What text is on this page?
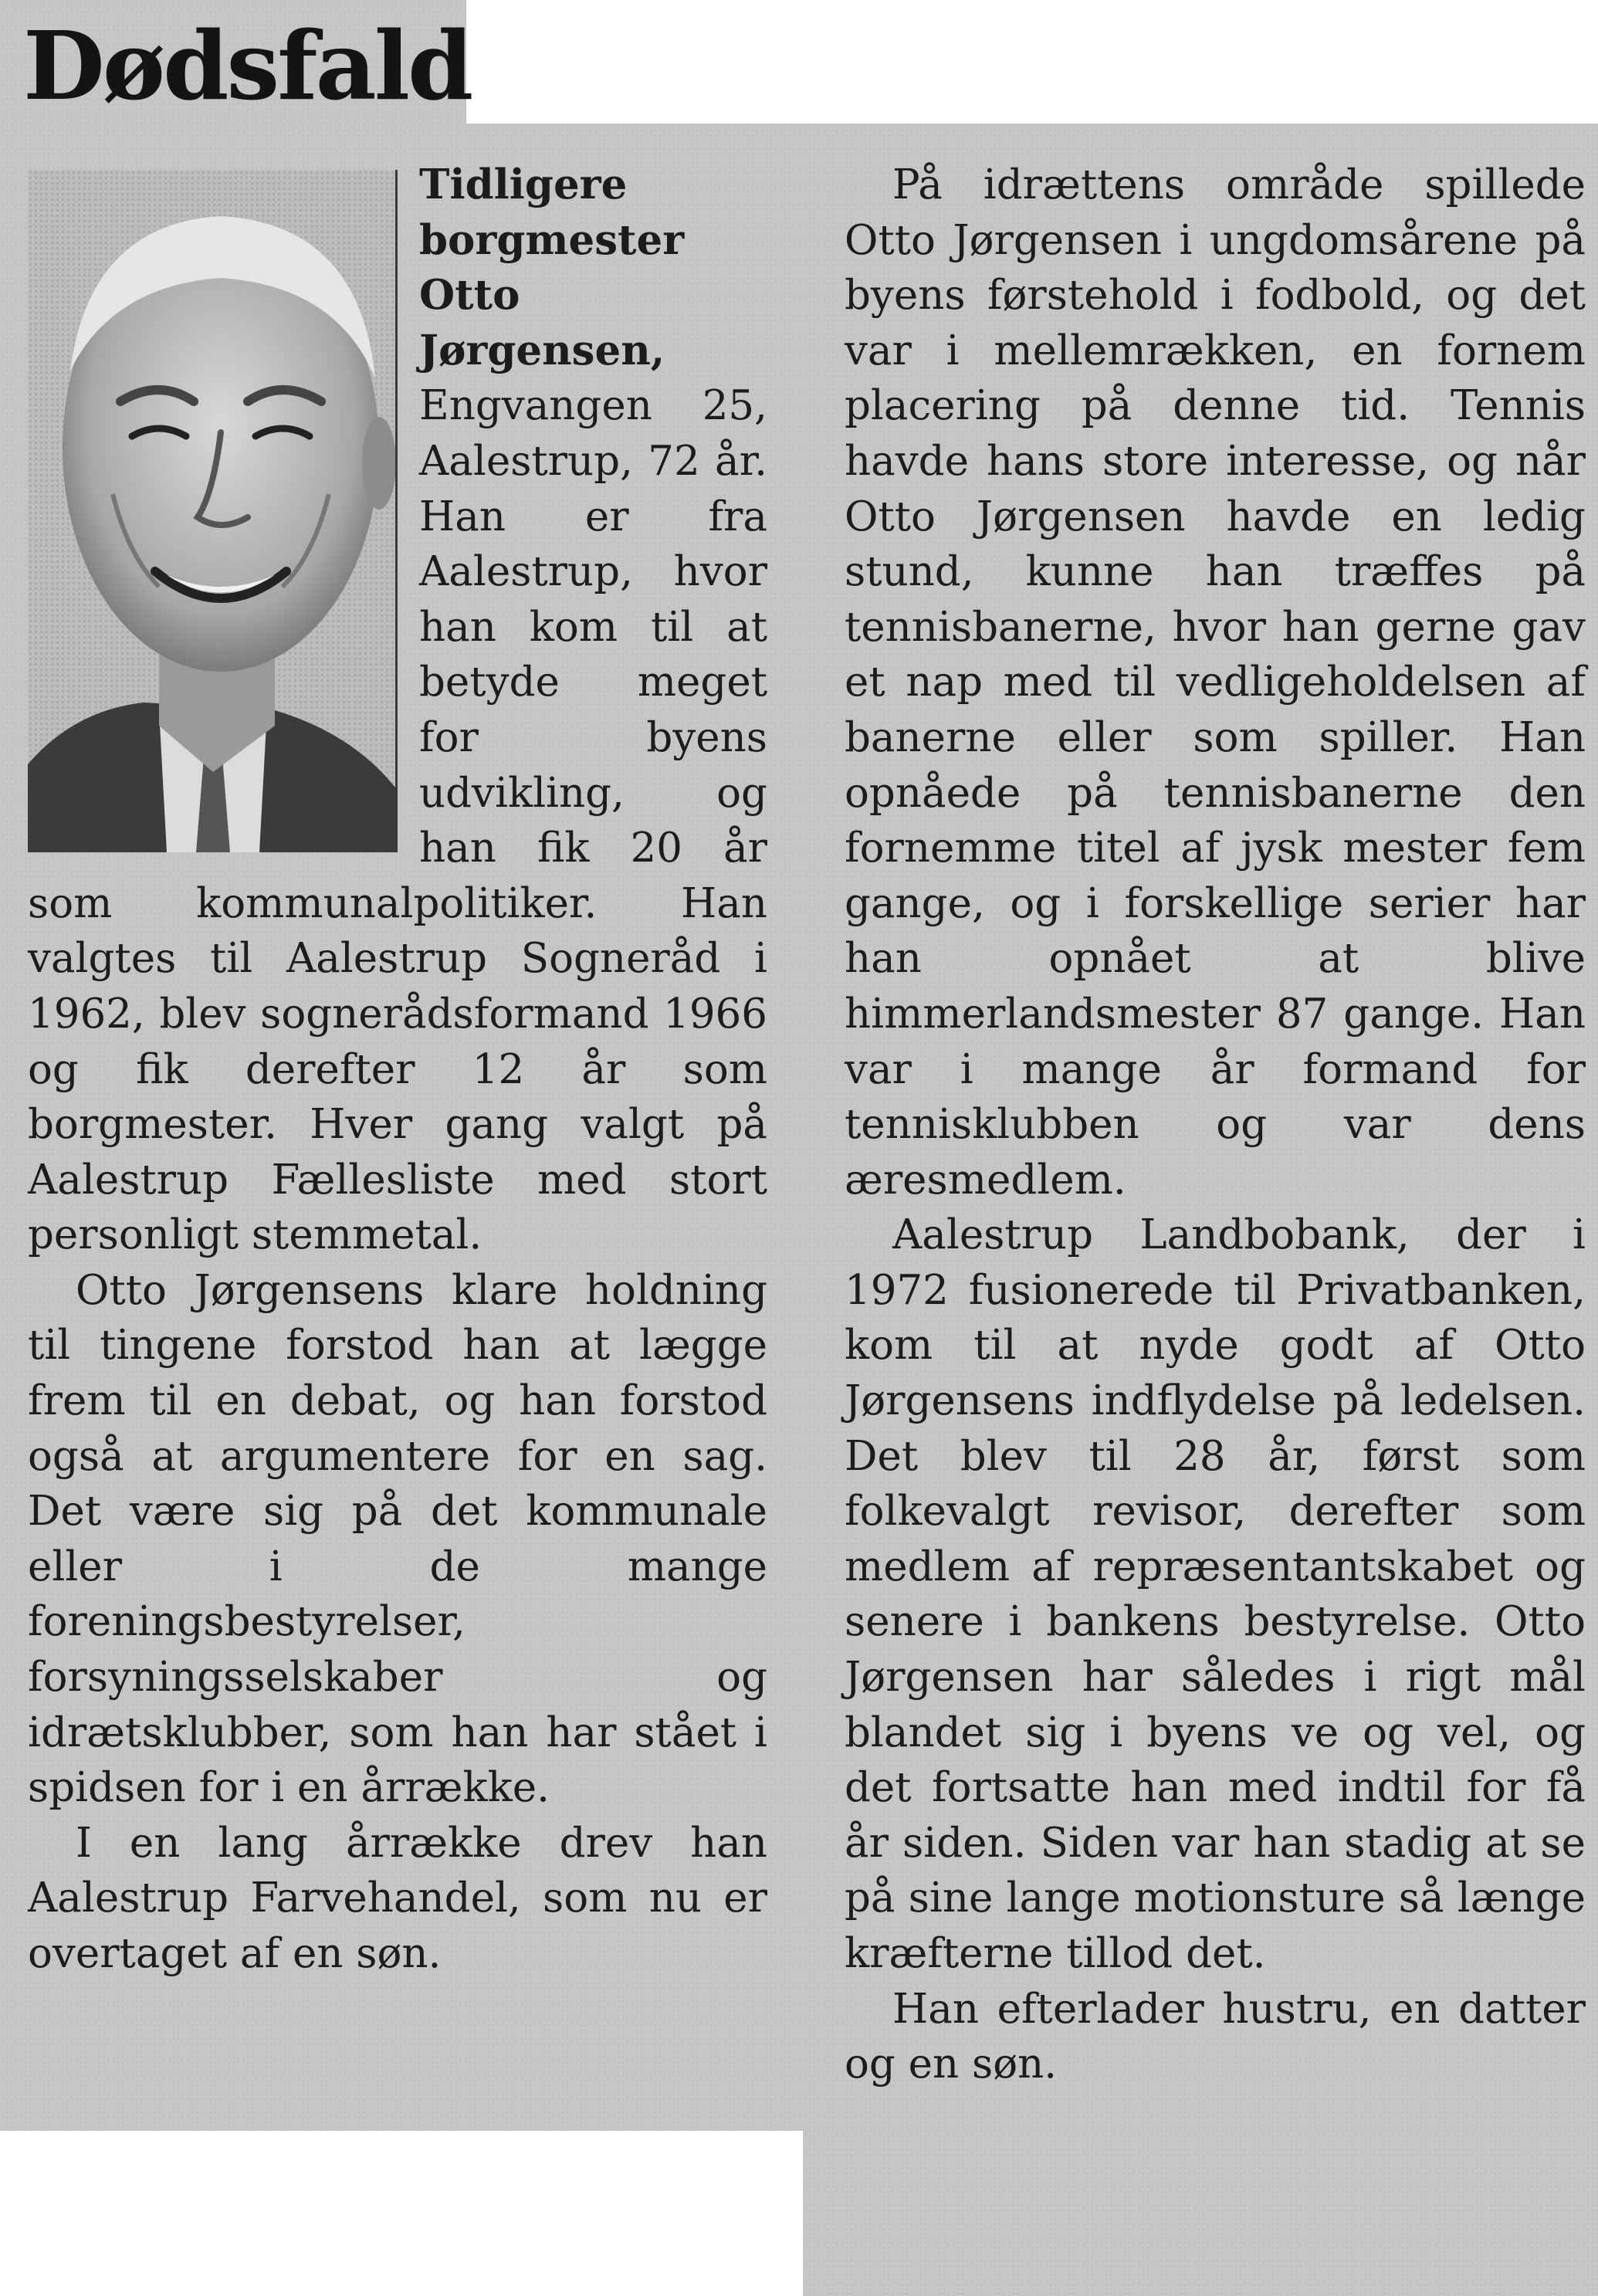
Dødsfald

Tidligere borgmester Otto Jørgensen, Engvangen 25, Aalestrup, 72 år. Han er fra Aalestrup, hvor han kom til at betyde meget for byens udvikling, og han fik 20 år som kommunalpolitiker. Han valgtes til Aalestrup Sogneråd i 1962, blev sognerådsformand 1966 og fik derefter 12 år som borgmester. Hver gang valgt på Aalestrup Fællesliste med stort personligt stemmetal.

Otto Jørgensens klare holdning til tingene forstod han at lægge frem til en debat, og han forstod også at argumentere for en sag. Det være sig på det kommunale eller i de mange foreningsbestyrelser, forsyningsselskaber og idrætsklubber, som han har stået i spidsen for i en årrække.

I en lang årrække drev han Aalestrup Farvehandel, som nu er overtaget af en søn.

På idrættens område spillede Otto Jørgensen i ungdomsårene på byens førstehold i fodbold, og det var i mellemrækken, en fornem placering på denne tid. Tennis havde hans store interesse, og når Otto Jørgensen havde en ledig stund, kunne han træffes på tennisbanerne, hvor han gerne gav et nap med til vedligeholdelsen af banerne eller som spiller. Han opnåede på tennisbanerne den fornemme titel af jysk mester fem gange, og i forskellige serier har han opnået at blive himmerlandsmester 87 gange. Han var i mange år formand for tennisklubben og var dens æresmedlem.

Aalestrup Landbobank, der i 1972 fusionerede til Privatbanken, kom til at nyde godt af Otto Jørgensens indflydelse på ledelsen. Det blev til 28 år, først som folkevalgt revisor, derefter som medlem af repræsentantskabet og senere i bankens bestyrelse. Otto Jørgensen har således i rigt mål blandet sig i byens ve og vel, og det fortsatte han med indtil for få år siden. Siden var han stadig at se på sine lange motionsture så længe kræfterne tillod det.

Han efterlader hustru, en datter og en søn.
